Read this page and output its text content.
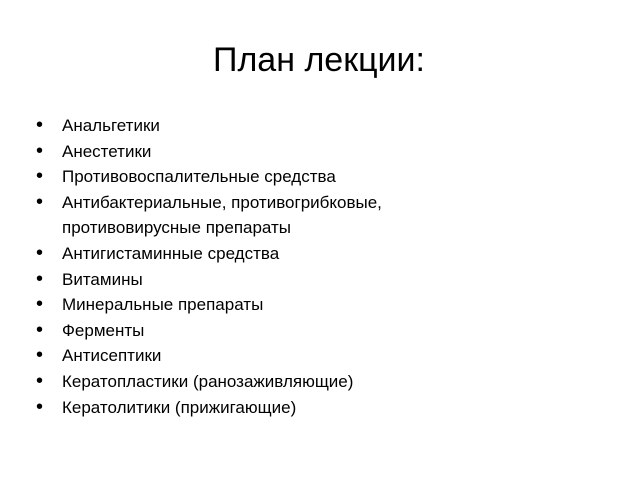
План лекции:
• Анальгетики
• Анестетики
• Противовоспалительные средства
• Антибактериальные, противогрибковые,
противовирусные препараты
• Антигистаминные средства
• Витамины
• Минеральные препараты
• Ферменты
• Антисептики
• Кератопластики (ранозаживляющие)
• Кератолитики (прижигающие)
